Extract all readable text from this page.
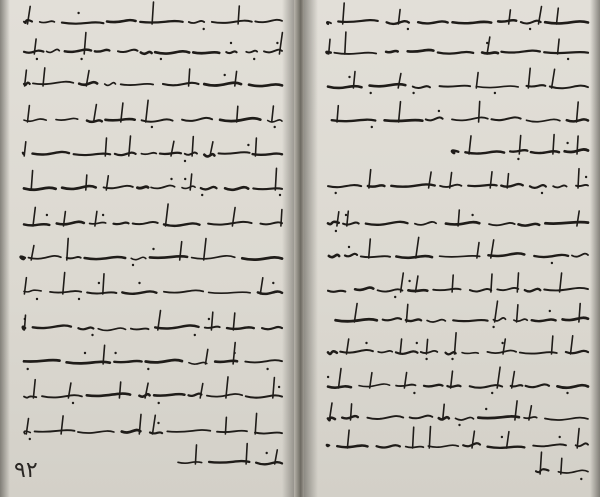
٩٢
